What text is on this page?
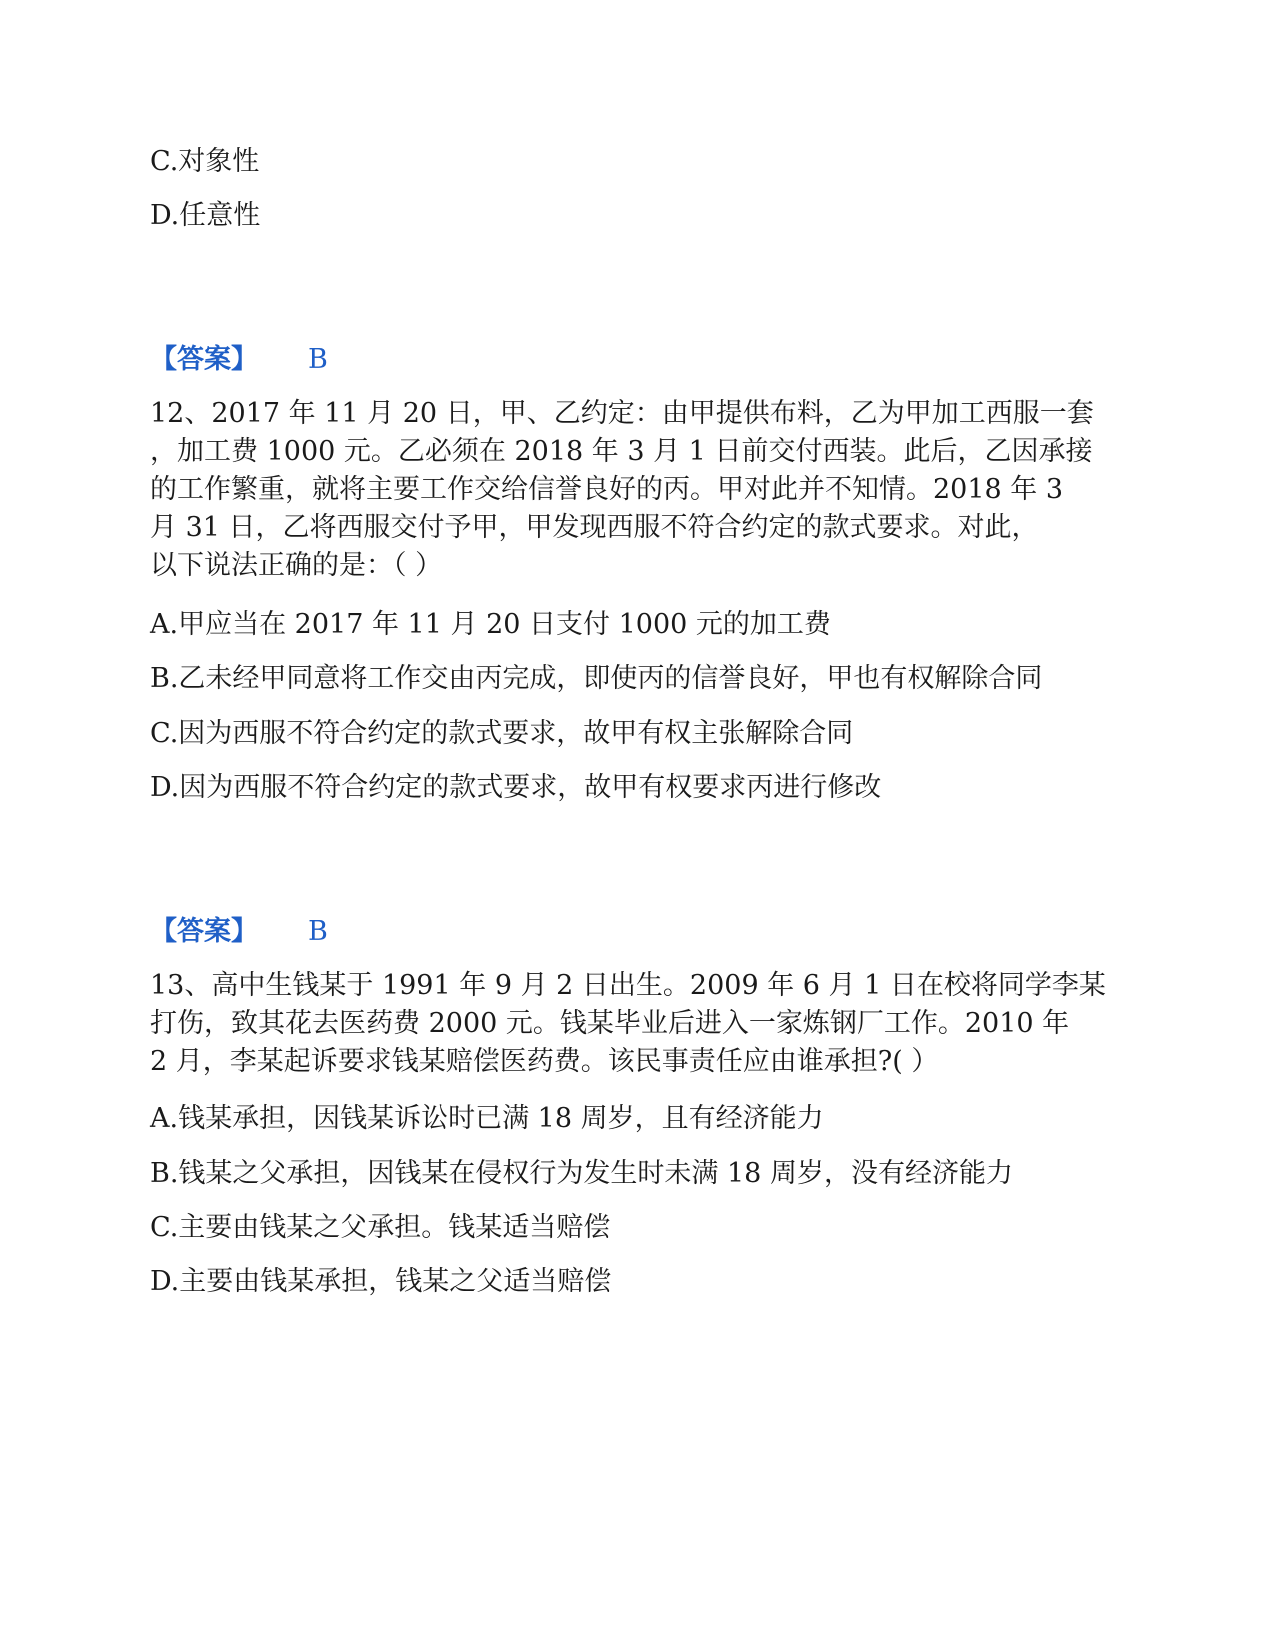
C.对象性
D.任意性
【答案】 B
12、2017 年 11 月 20 日，甲、乙约定：由甲提供布料，乙为甲加工西服一套
，加工费 1000 元。乙必须在 2018 年 3 月 1 日前交付西装。此后，乙因承接
的工作繁重，就将主要工作交给信誉良好的丙。甲对此并不知情。2018 年 3
月 31 日，乙将西服交付予甲，甲发现西服不符合约定的款式要求。对此，
以下说法正确的是：（ ）
A.甲应当在 2017 年 11 月 20 日支付 1000 元的加工费
B.乙未经甲同意将工作交由丙完成，即使丙的信誉良好，甲也有权解除合同
C.因为西服不符合约定的款式要求，故甲有权主张解除合同
D.因为西服不符合约定的款式要求，故甲有权要求丙进行修改
【答案】 B
13、高中生钱某于 1991 年 9 月 2 日出生。2009 年 6 月 1 日在校将同学李某
打伤，致其花去医药费 2000 元。钱某毕业后进入一家炼钢厂工作。2010 年
2 月，李某起诉要求钱某赔偿医药费。该民事责任应由谁承担?( ）
A.钱某承担，因钱某诉讼时已满 18 周岁，且有经济能力
B.钱某之父承担，因钱某在侵权行为发生时未满 18 周岁，没有经济能力
C.主要由钱某之父承担。钱某适当赔偿
D.主要由钱某承担，钱某之父适当赔偿
